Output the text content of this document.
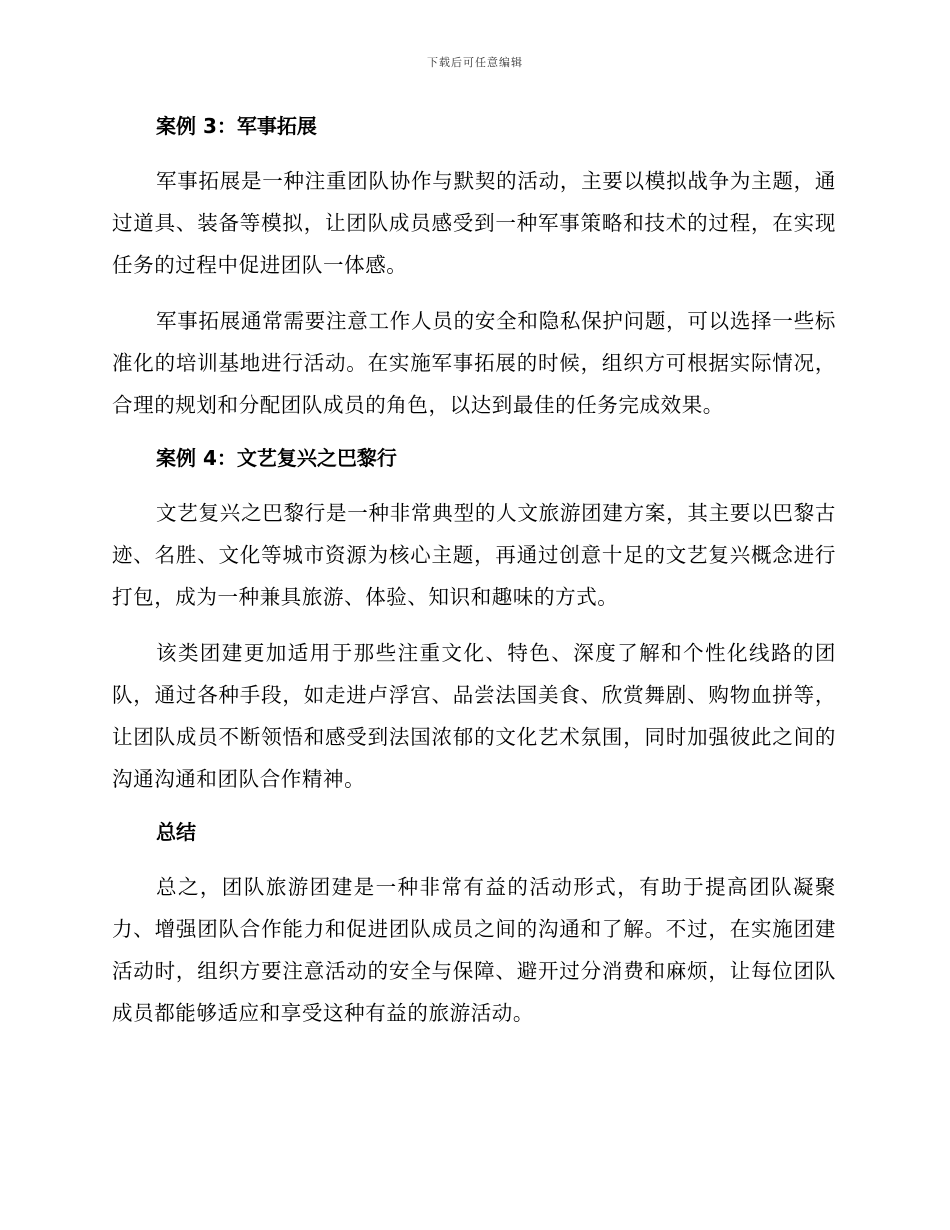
下载后可任意编辑
案例 3：军事拓展

军事拓展是一种注重团队协作与默契的活动，主要以模拟战争为主题，通过道具、装备等模拟，让团队成员感受到一种军事策略和技术的过程，在实现任务的过程中促进团队一体感。

军事拓展通常需要注意工作人员的安全和隐私保护问题，可以选择一些标准化的培训基地进行活动。在实施军事拓展的时候，组织方可根据实际情况，合理的规划和分配团队成员的角色，以达到最佳的任务完成效果。

案例 4：文艺复兴之巴黎行

文艺复兴之巴黎行是一种非常典型的人文旅游团建方案，其主要以巴黎古迹、名胜、文化等城市资源为核心主题，再通过创意十足的文艺复兴概念进行打包，成为一种兼具旅游、体验、知识和趣味的方式。

该类团建更加适用于那些注重文化、特色、深度了解和个性化线路的团队，通过各种手段，如走进卢浮宫、品尝法国美食、欣赏舞剧、购物血拼等，让团队成员不断领悟和感受到法国浓郁的文化艺术氛围，同时加强彼此之间的沟通沟通和团队合作精神。

总结

总之，团队旅游团建是一种非常有益的活动形式，有助于提高团队凝聚力、增强团队合作能力和促进团队成员之间的沟通和了解。不过，在实施团建活动时，组织方要注意活动的安全与保障、避开过分消费和麻烦，让每位团队成员都能够适应和享受这种有益的旅游活动。
